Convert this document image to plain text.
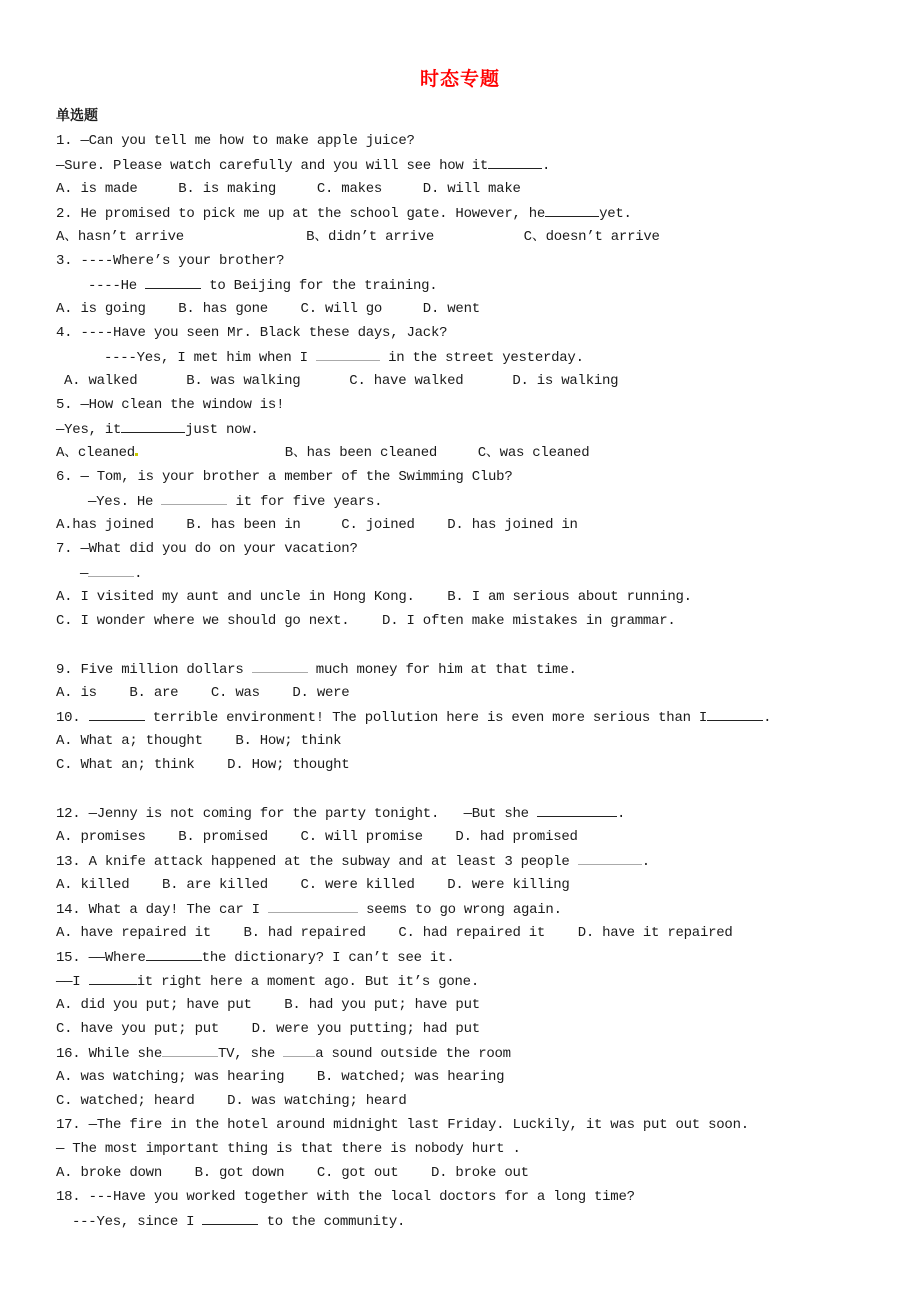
时态专题
单选题
1. —Can you tell me how to make apple juice?
—Sure. Please watch carefully and you will see how it	.
A. is made     B. is making     C. makes     D. will make
2. He promised to pick me up at the school gate. However, he	yet.
A、hasn’t arrive               B、didn’t arrive           C、doesn’t arrive
3. ----Where’s your brother?
----He	to Beijing for the training.
A. is going    B. has gone    C. will go     D. went
4. ----Have you seen Mr. Black these days, Jack?
----Yes, I met him when I	in the street yesterday.
A. walked      B. was walking      C. have walked      D. is walking
5. —How clean the window is!
—Yes, it	just now.
A、cleaned                  B、has been cleaned     C、was cleaned
6. — Tom, is your brother a member of the Swimming Club?
—Yes. He	it for five years.
A.has joined    B. has been in     C. joined    D. has joined in
7. —What did you do on your vacation?
—	.
A. I visited my aunt and uncle in Hong Kong.    B. I am serious about running.
C. I wonder where we should go next.    D. I often make mistakes in grammar.
9. Five million dollars	much money for him at that time.
A. is    B. are    C. was    D. were
10.	terrible environment! The pollution here is even more serious than I	.
A. What a; thought    B. How; think
C. What an; think    D. How; thought
12. —Jenny is not coming for the party tonight.   —But she	.
A. promises    B. promised    C. will promise    D. had promised
13. A knife attack happened at the subway and at least 3 people	.
A. killed    B. are killed    C. were killed    D. were killing
14. What a day! The car I	seems to go wrong again.
A. have repaired it    B. had repaired    C. had repaired it    D. have it repaired
15. ——Where	the dictionary? I can’t see it.
——I	it right here a moment ago. But it’s gone.
A. did you put; have put    B. had you put; have put
C. have you put; put    D. were you putting; had put
16. While she	TV, she a sound outside the room
A. was watching; was hearing    B. watched; was hearing
C. watched; heard    D. was watching; heard
17. —The fire in the hotel around midnight last Friday. Luckily, it was put out soon.
— The most important thing is that there is nobody hurt .
A. broke down    B. got down    C. got out    D. broke out
18. ---Have you worked together with the local doctors for a long time?
---Yes, since I	to the community.
